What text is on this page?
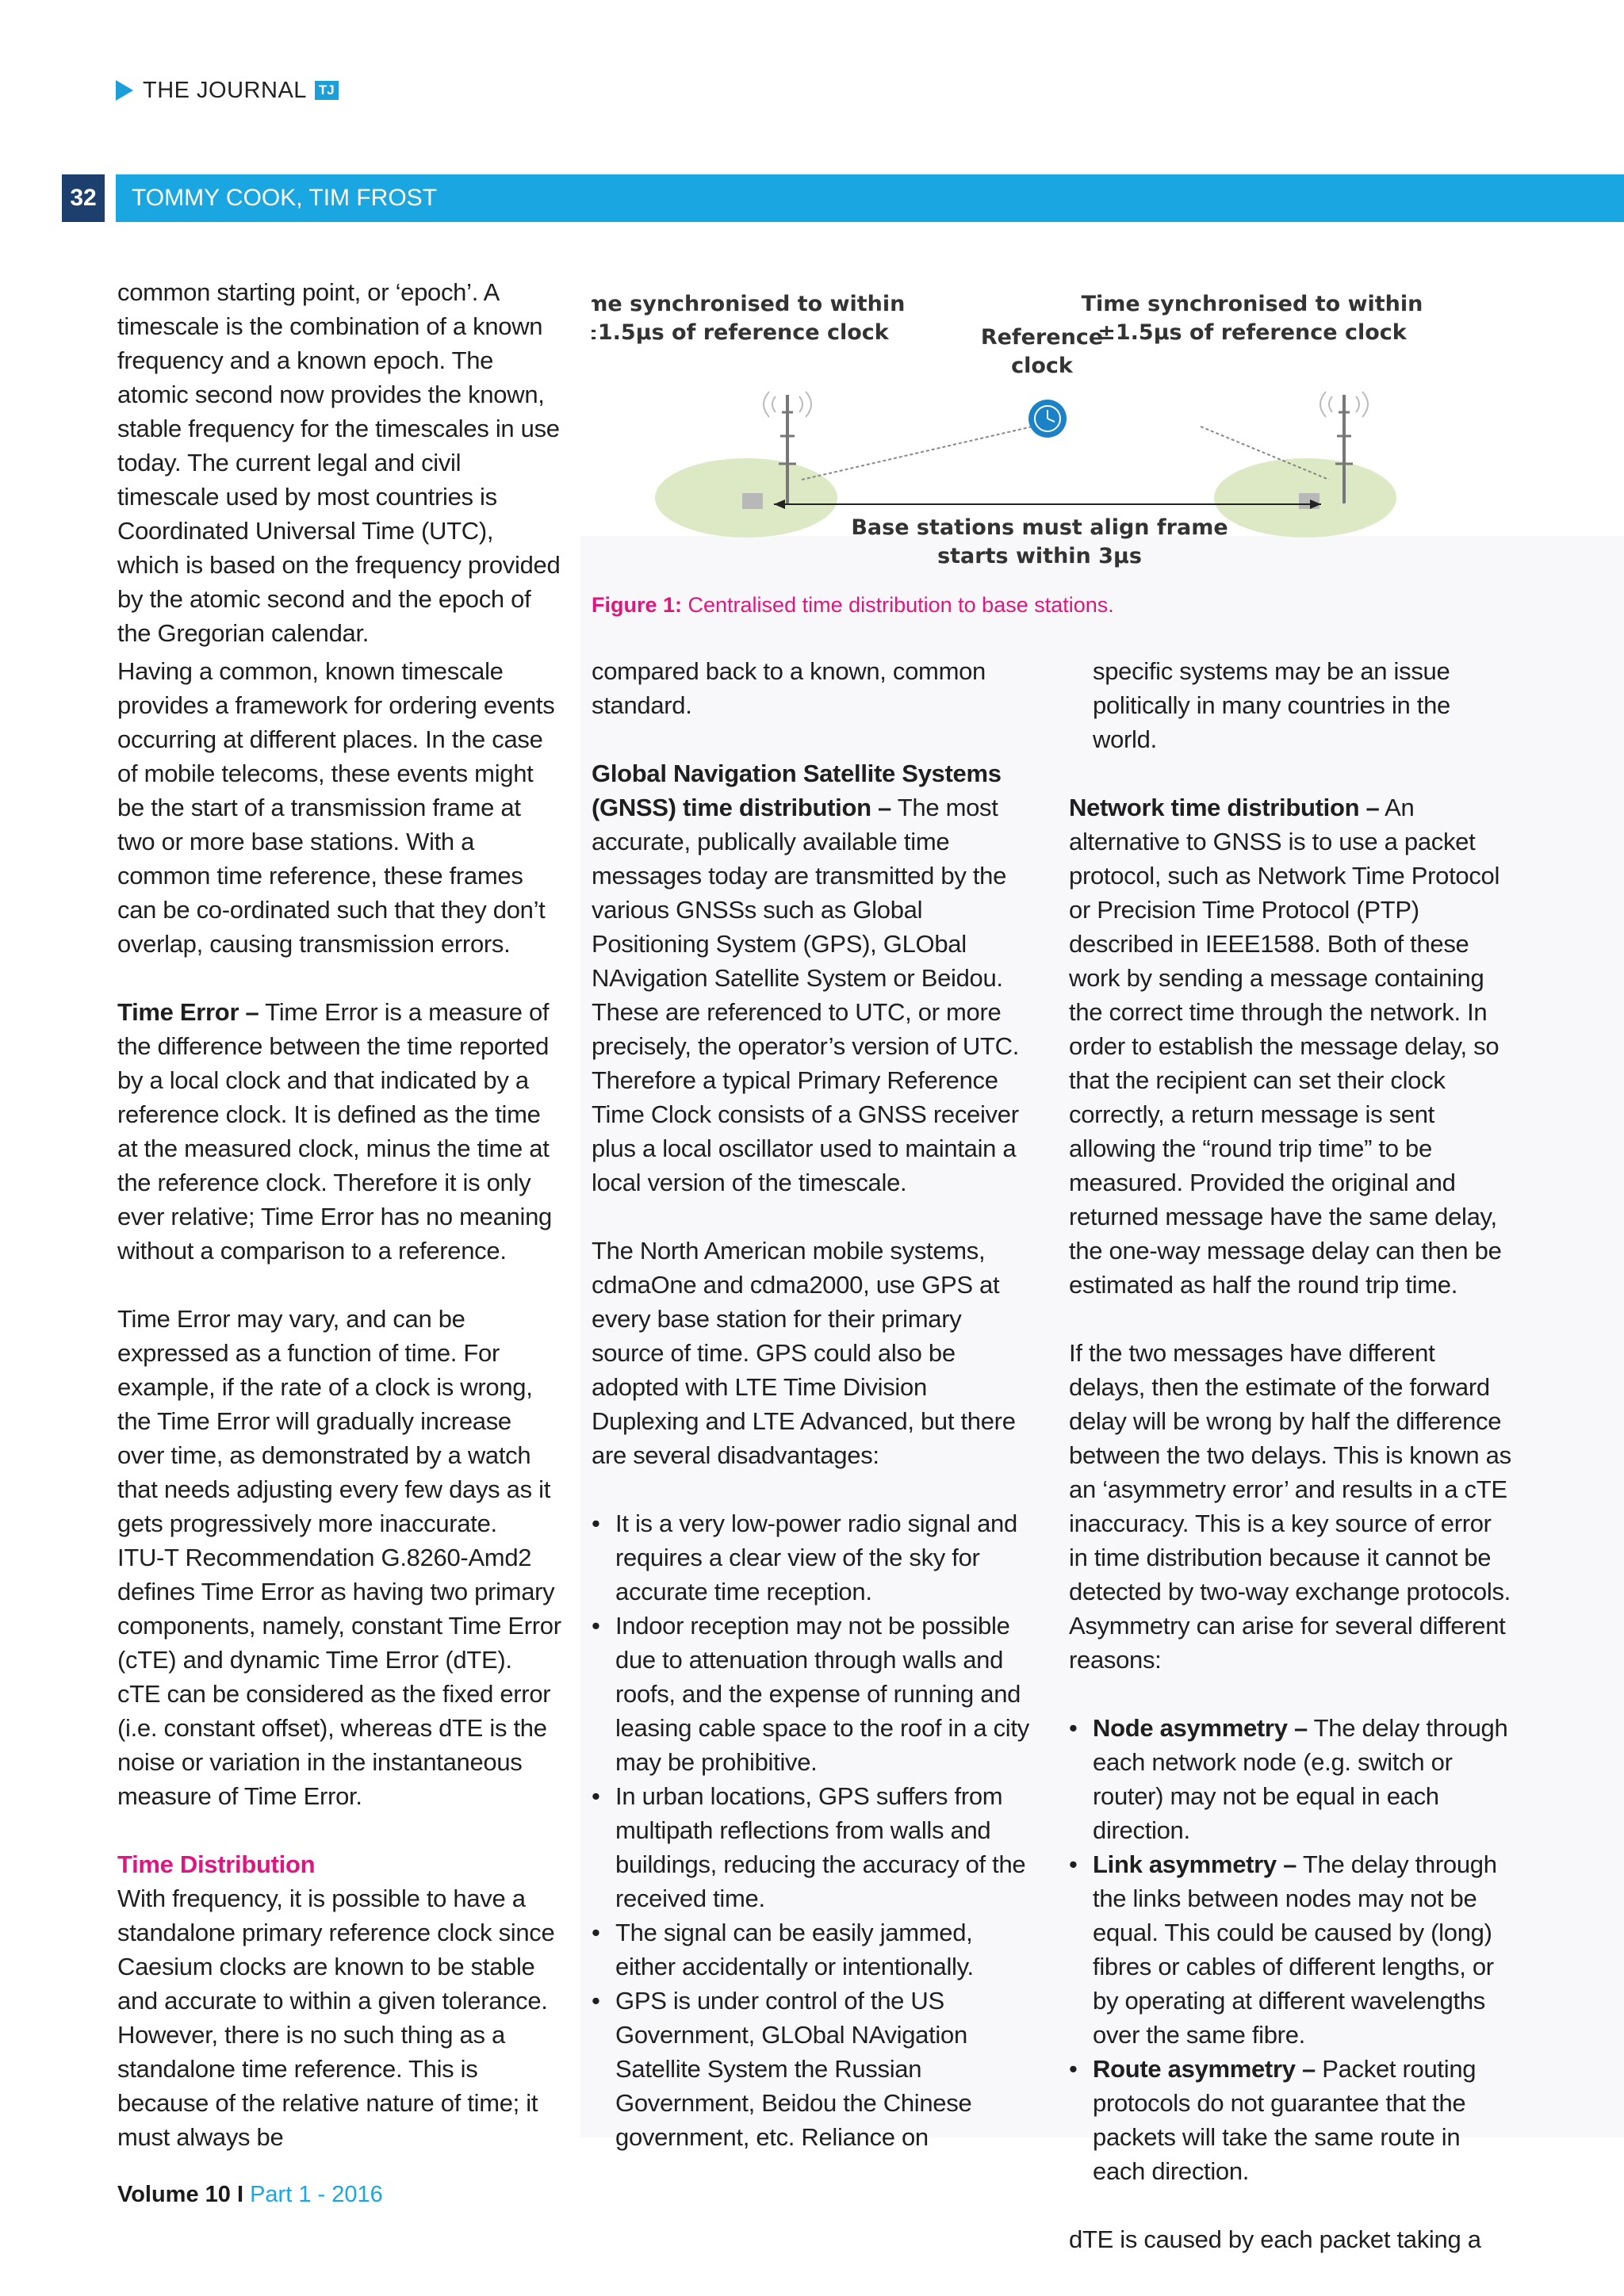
THE JOURNAL TJ
32	TOMMY COOK, TIM FROST

common starting point, or ‘epoch’. A timescale is the combination of a known frequency and a known epoch. The atomic second now provides the known, stable frequency for the timescales in use today. The current legal and civil timescale used by most countries is Coordinated Universal Time (UTC), which is based on the frequency provided by the atomic second and the epoch of the Gregorian calendar.

Having a common, known timescale provides a framework for ordering events occurring at different places. In the case of mobile telecoms, these events might be the start of a transmission frame at two or more base stations. With a common time reference, these frames can be co-ordinated such that they don’t overlap, causing transmission errors.

Time Error – Time Error is a measure of the difference between the time reported by a local clock and that indicated by a reference clock. It is defined as the time at the measured clock, minus the time at the reference clock. Therefore it is only ever relative; Time Error has no meaning without a comparison to a reference.

Time Error may vary, and can be expressed as a function of time. For example, if the rate of a clock is wrong, the Time Error will gradually increase over time, as demonstrated by a watch that needs adjusting every few days as it gets progressively more inaccurate.

ITU-T Recommendation G.8260-Amd2 defines Time Error as having two primary components, namely, constant Time Error (cTE) and dynamic Time Error (dTE). cTE can be considered as the fixed error (i.e. constant offset), whereas dTE is the noise or variation in the instantaneous measure of Time Error.

Time Distribution

With frequency, it is possible to have a standalone primary reference clock since Caesium clocks are known to be stable and accurate to within a given tolerance. However, there is no such thing as a standalone time reference. This is because of the relative nature of time; it must always be

Time synchronised to within
±1.5µs of reference clock
Time synchronised to within
±1.5µs of reference clock
Reference
clock
Base stations must align frame
starts within 3µs
Figure 1: Centralised time distribution to base stations.

compared back to a known, common standard.

Global Navigation Satellite Systems (GNSS) time distribution – The most accurate, publically available time messages today are transmitted by the various GNSSs such as Global Positioning System (GPS), GLObal NAvigation Satellite System or Beidou. These are referenced to UTC, or more precisely, the operator’s version of UTC. Therefore a typical Primary Reference Time Clock consists of a GNSS receiver plus a local oscillator used to maintain a local version of the timescale.

The North American mobile systems, cdmaOne and cdma2000, use GPS at every base station for their primary source of time. GPS could also be adopted with LTE Time Division Duplexing and LTE Advanced, but there are several disadvantages:

• It is a very low-power radio signal and requires a clear view of the sky for accurate time reception.
• Indoor reception may not be possible due to attenuation through walls and roofs, and the expense of running and leasing cable space to the roof in a city may be prohibitive.
• In urban locations, GPS suffers from multipath reflections from walls and buildings, reducing the accuracy of the received time.
• The signal can be easily jammed, either accidentally or intentionally.
• GPS is under control of the US Government, GLObal NAvigation Satellite System the Russian Government, Beidou the Chinese government, etc. Reliance on

specific systems may be an issue politically in many countries in the world.

Network time distribution – An alternative to GNSS is to use a packet protocol, such as Network Time Protocol or Precision Time Protocol (PTP) described in IEEE1588. Both of these work by sending a message containing the correct time through the network. In order to establish the message delay, so that the recipient can set their clock correctly, a return message is sent allowing the “round trip time” to be measured. Provided the original and returned message have the same delay, the one-way message delay can then be estimated as half the round trip time.

If the two messages have different delays, then the estimate of the forward delay will be wrong by half the difference between the two delays. This is known as an ‘asymmetry error’ and results in a cTE inaccuracy. This is a key source of error in time distribution because it cannot be detected by two-way exchange protocols. Asymmetry can arise for several different reasons:

• Node asymmetry – The delay through each network node (e.g. switch or router) may not be equal in each direction.
• Link asymmetry – The delay through the links between nodes may not be equal. This could be caused by (long) fibres or cables of different lengths, or by operating at different wavelengths over the same fibre.
• Route asymmetry – Packet routing protocols do not guarantee that the packets will take the same route in each direction.

dTE is caused by each packet taking a

Volume 10 I Part 1 - 2016
